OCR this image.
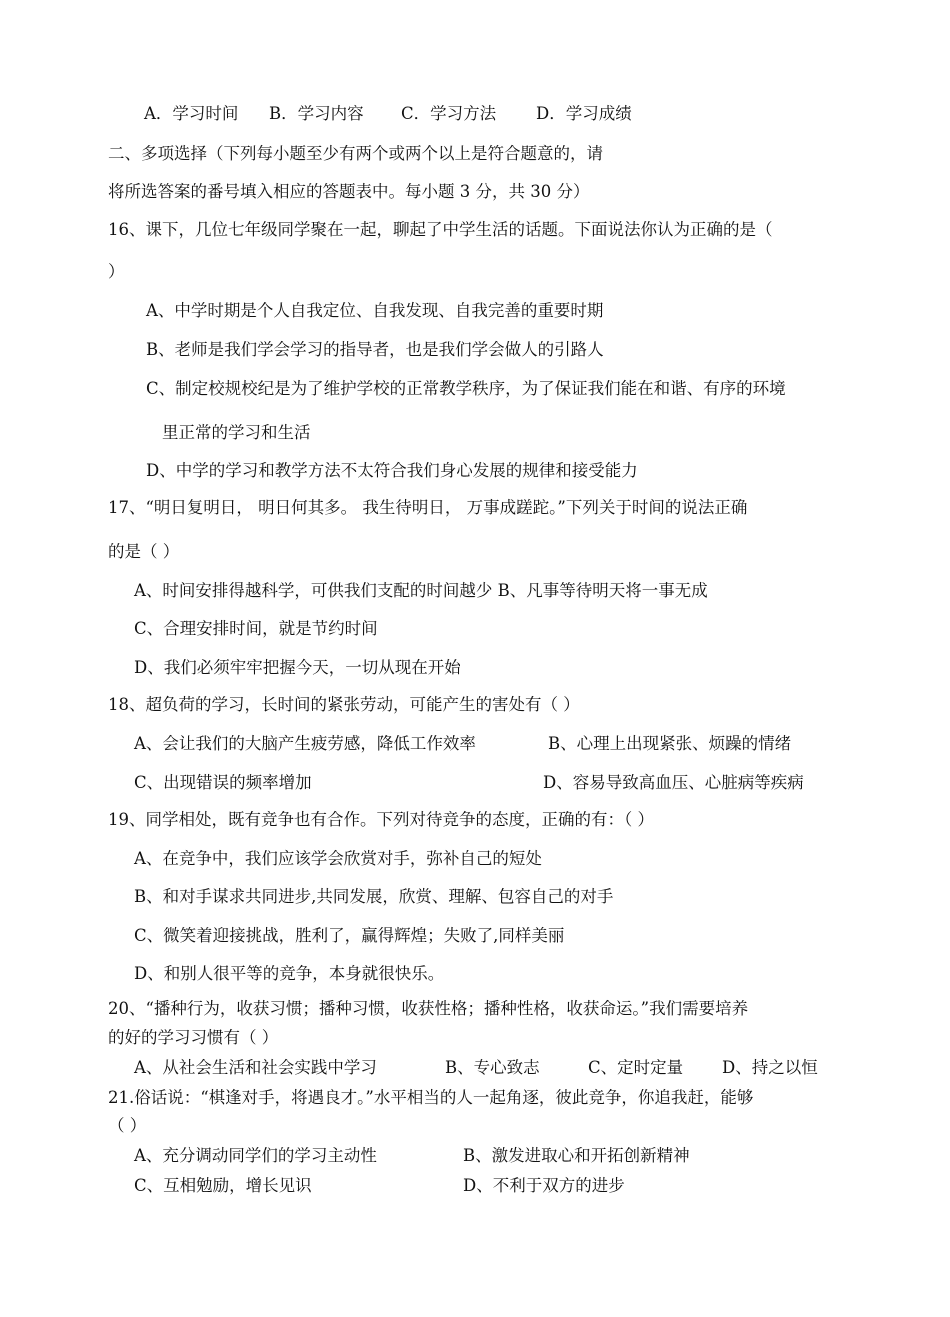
A．学习时间 B．学习内容 C．学习方法 D．学习成绩
二、多项选择（下列每小题至少有两个或两个以上是符合题意的，请
将所选答案的番号填入相应的答题表中。每小题 3 分，共 30 分）
16、课下，几位七年级同学聚在一起，聊起了中学生活的话题。下面说法你认为正确的是（
）
A、中学时期是个人自我定位、自我发现、自我完善的重要时期
B、老师是我们学会学习的指导者，也是我们学会做人的引路人
C、制定校规校纪是为了维护学校的正常教学秩序，为了保证我们能在和谐、有序的环境
里正常的学习和生活
D、中学的学习和教学方法不太符合我们身心发展的规律和接受能力
17、“明日复明日， 明日何其多。 我生待明日， 万事成蹉跎。”下列关于时间的说法正确
的是（ ）
A、时间安排得越科学，可供我们支配的时间越少 B、凡事等待明天将一事无成
C、合理安排时间，就是节约时间
D、我们必须牢牢把握今天，一切从现在开始
18、超负荷的学习，长时间的紧张劳动，可能产生的害处有（ ）
A、会让我们的大脑产生疲劳感，降低工作效率	B、心理上出现紧张、烦躁的情绪
C、出现错误的频率增加	D、容易导致高血压、心脏病等疾病
19、同学相处，既有竞争也有合作。下列对待竞争的态度，正确的有：（ ）
A、在竞争中，我们应该学会欣赏对手，弥补自己的短处
B、和对手谋求共同进步,共同发展，欣赏、理解、包容自己的对手
C、微笑着迎接挑战，胜利了，赢得辉煌；失败了,同样美丽
D、和别人很平等的竞争，本身就很快乐。
20、“播种行为，收获习惯；播种习惯，收获性格；播种性格，收获命运。”我们需要培养
的好的学习习惯有（ ）
A、从社会生活和社会实践中学习	B、专心致志	C、定时定量 D、持之以恒
21.俗话说：“棋逢对手，将遇良才。”水平相当的人一起角逐，彼此竞争，你追我赶，能够
（ ）
A、充分调动同学们的学习主动性	B、激发进取心和开拓创新精神
C、互相勉励，增长见识	D、不利于双方的进步
